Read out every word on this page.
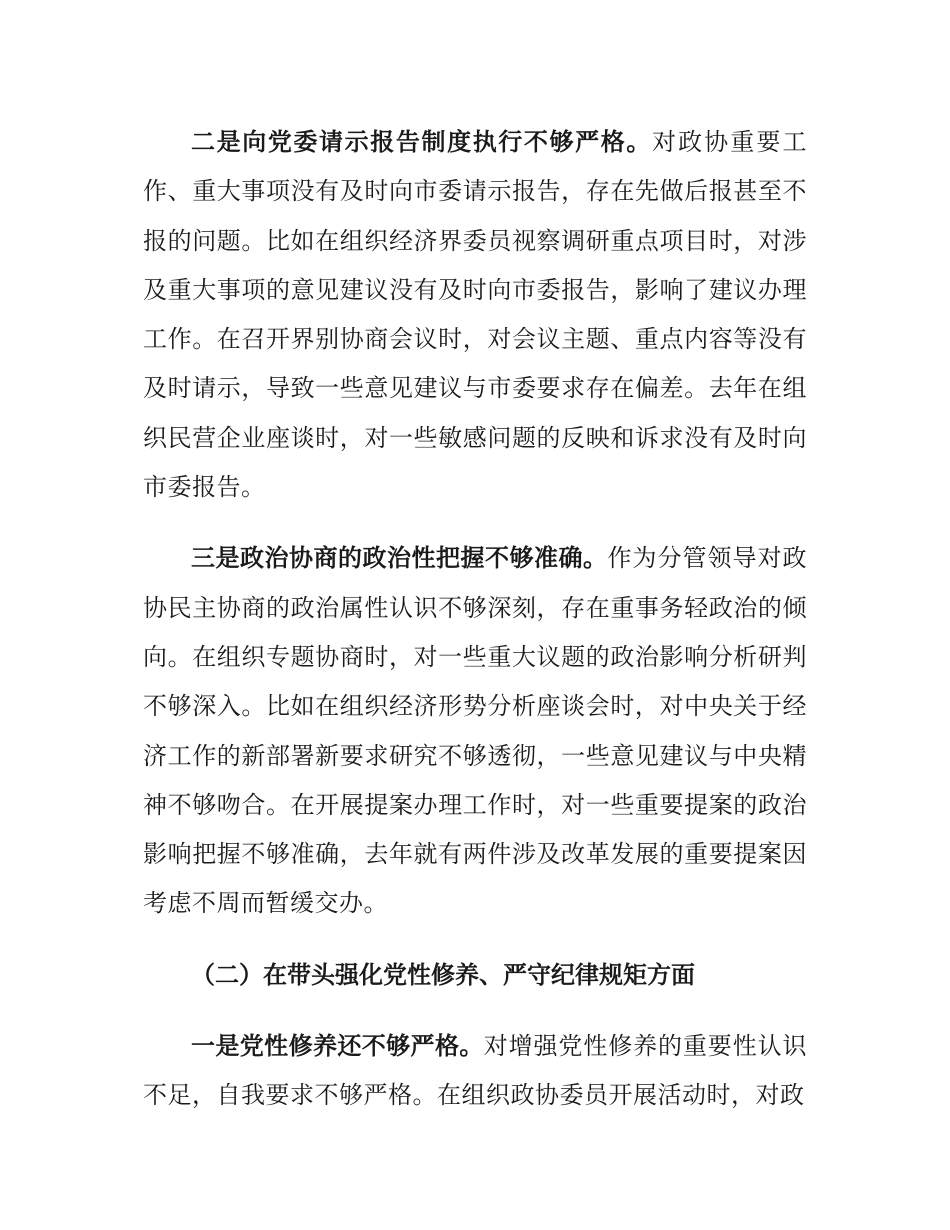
二是向党委请示报告制度执行不够严格。对政协重要工作、重大事项没有及时向市委请示报告，存在先做后报甚至不报的问题。比如在组织经济界委员视察调研重点项目时，对涉及重大事项的意见建议没有及时向市委报告，影响了建议办理工作。在召开界别协商会议时，对会议主题、重点内容等没有及时请示，导致一些意见建议与市委要求存在偏差。去年在组织民营企业座谈时，对一些敏感问题的反映和诉求没有及时向市委报告。

三是政治协商的政治性把握不够准确。作为分管领导对政协民主协商的政治属性认识不够深刻，存在重事务轻政治的倾向。在组织专题协商时，对一些重大议题的政治影响分析研判不够深入。比如在组织经济形势分析座谈会时，对中央关于经济工作的新部署新要求研究不够透彻，一些意见建议与中央精神不够吻合。在开展提案办理工作时，对一些重要提案的政治影响把握不够准确，去年就有两件涉及改革发展的重要提案因考虑不周而暂缓交办。

（二）在带头强化党性修养、严守纪律规矩方面

一是党性修养还不够严格。对增强党性修养的重要性认识不足，自我要求不够严格。在组织政协委员开展活动时，对政
